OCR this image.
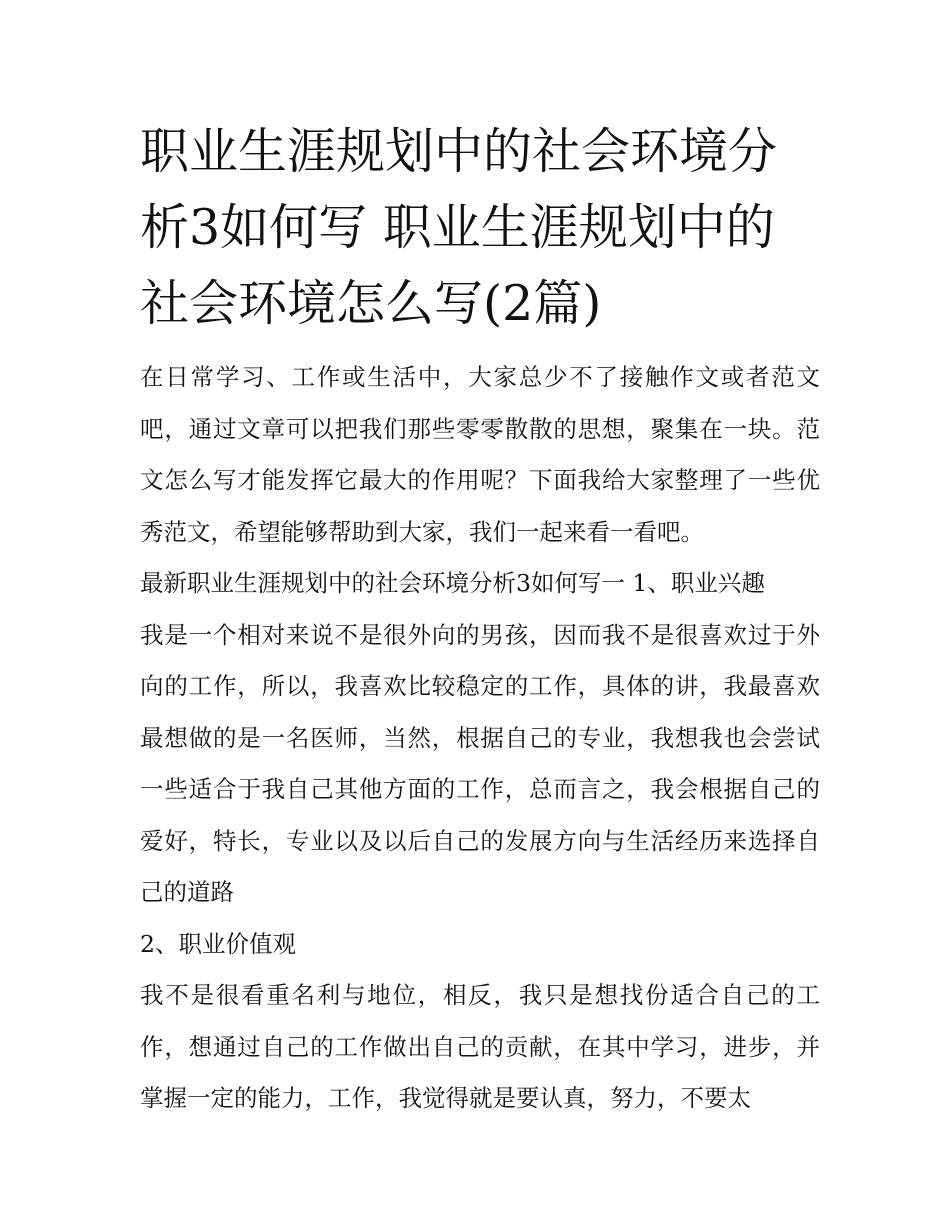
职业生涯规划中的社会环境分析3如何写 职业生涯规划中的社会环境怎么写(2篇)

在日常学习、工作或生活中，大家总少不了接触作文或者范文吧，通过文章可以把我们那些零零散散的思想，聚集在一块。范文怎么写才能发挥它最大的作用呢？下面我给大家整理了一些优秀范文，希望能够帮助到大家，我们一起来看一看吧。

最新职业生涯规划中的社会环境分析3如何写一 1、职业兴趣

我是一个相对来说不是很外向的男孩，因而我不是很喜欢过于外向的工作，所以，我喜欢比较稳定的工作，具体的讲，我最喜欢最想做的是一名医师，当然，根据自己的专业，我想我也会尝试一些适合于我自己其他方面的工作，总而言之，我会根据自己的爱好，特长，专业以及以后自己的发展方向与生活经历来选择自己的道路

2、职业价值观

我不是很看重名利与地位，相反，我只是想找份适合自己的工作，想通过自己的工作做出自己的贡献，在其中学习，进步，并掌握一定的能力，工作，我觉得就是要认真，努力，不要太
